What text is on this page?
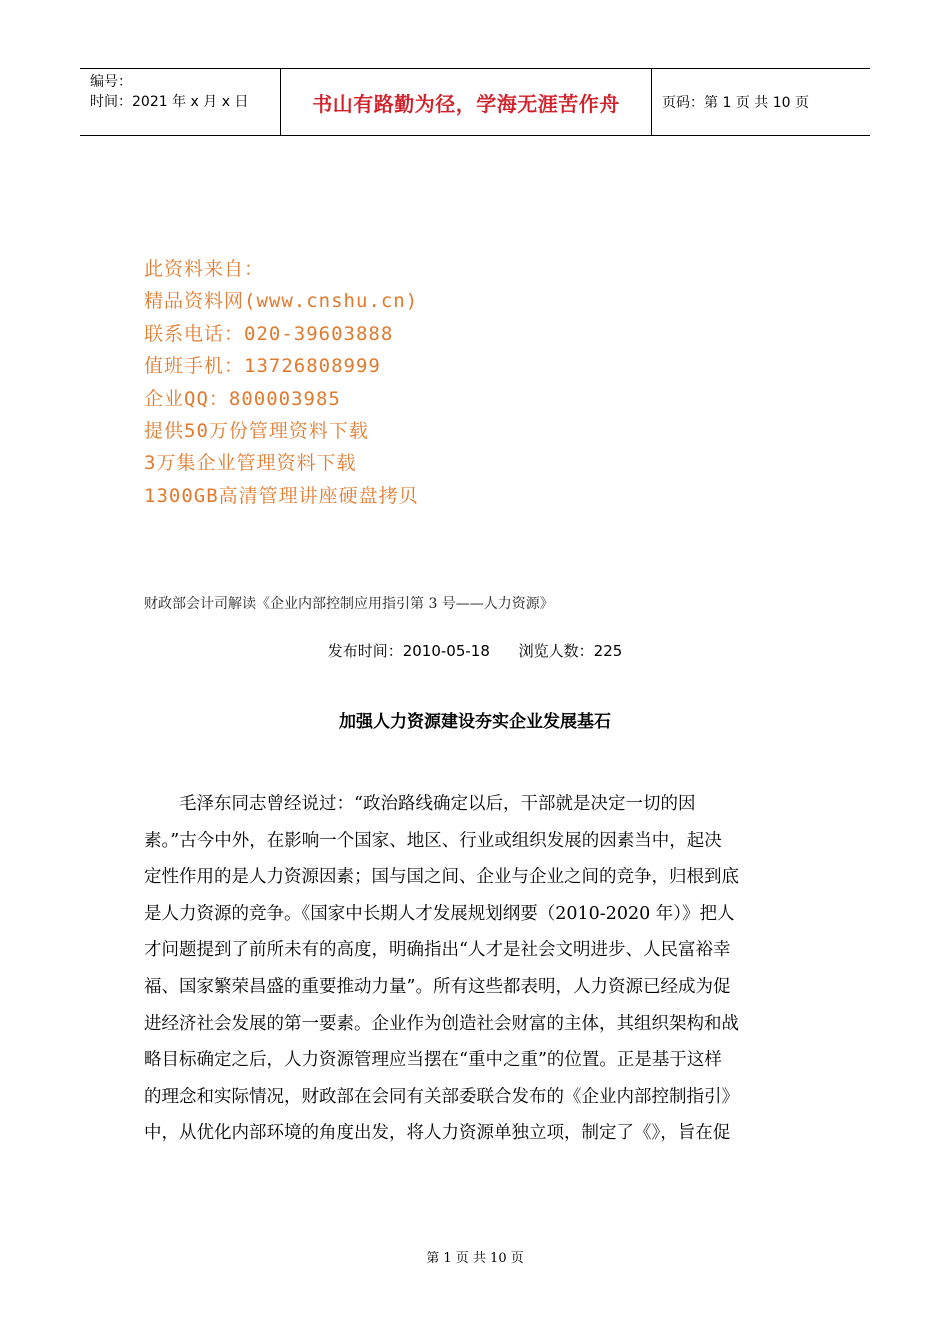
编号：
时间：2021 年 x 月 x 日	书山有路勤为径，学海无涯苦作舟	页码：第 1 页 共 10 页
此资料来自：
精品资料网(www.cnshu.cn)
联系电话：020-39603888
值班手机：13726808999
企业QQ：800003985
提供50万份管理资料下载
3万集企业管理资料下载
1300GB高清管理讲座硬盘拷贝
财政部会计司解读《企业内部控制应用指引第 3 号——人力资源》
发布时间：2010-05-18 浏览人数：225
加强人力资源建设夯实企业发展基石
　　毛泽东同志曾经说过：“政治路线确定以后，干部就是决定一切的因
素。”古今中外，在影响一个国家、地区、行业或组织发展的因素当中，起决
定性作用的是人力资源因素；国与国之间、企业与企业之间的竞争，归根到底
是人力资源的竞争。《国家中长期人才发展规划纲要（2010-2020 年）》把人
才问题提到了前所未有的高度，明确指出“人才是社会文明进步、人民富裕幸
福、国家繁荣昌盛的重要推动力量”。所有这些都表明，人力资源已经成为促
进经济社会发展的第一要素。企业作为创造社会财富的主体，其组织架构和战
略目标确定之后，人力资源管理应当摆在“重中之重”的位置。正是基于这样
的理念和实际情况，财政部在会同有关部委联合发布的《企业内部控制指引》
中，从优化内部环境的角度出发，将人力资源单独立项，制定了《》，旨在促
第 1 页 共 10 页
